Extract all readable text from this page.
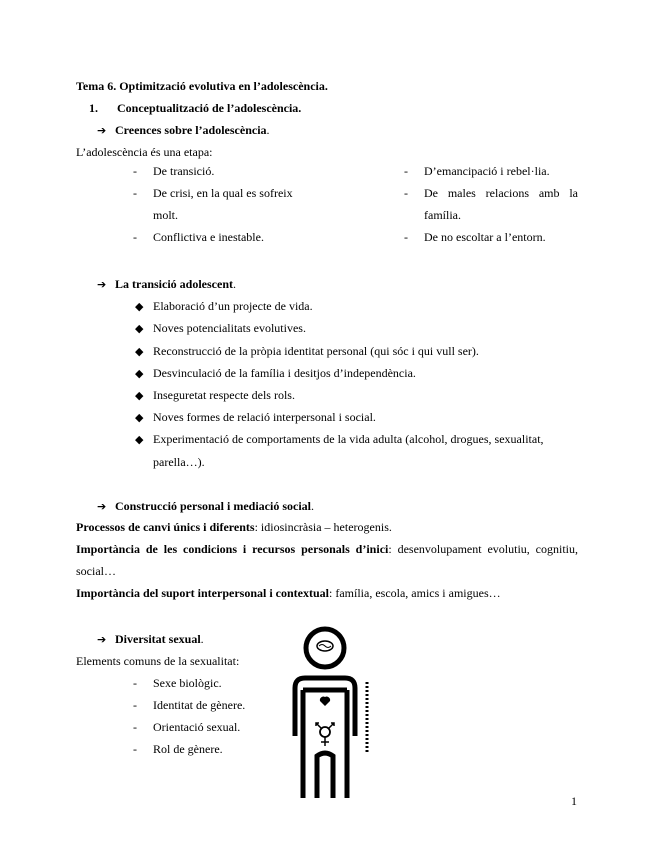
Tema 6. Optimització evolutiva en l’adolescència.
1. Conceptualització de l’adolescència.
➔ Creences sobre l’adolescència.
L’adolescència és una etapa:
-	De transició.
-	De crisi, en la qual es sofreix molt.
-	Conflictiva e inestable.
-	D’emancipació i rebel·lia.
-	De males relacions amb la família.
-	De no escoltar a l’entorn.
➔ La transició adolescent.
◆ Elaboració d’un projecte de vida.
◆ Noves potencialitats evolutives.
◆ Reconstrucció de la pròpia identitat personal (qui sóc i qui vull ser).
◆ Desvinculació de la família i desitjos d’independència.
◆ Inseguretat respecte dels rols.
◆ Noves formes de relació interpersonal i social.
◆ Experimentació de comportaments de la vida adulta (alcohol, drogues, sexualitat,
parella…).
➔ Construcció personal i mediació social.
Processos de canvi únics i diferents: idiosincràsia – heterogenis.
Importància de les condicions i recursos personals d’inici: desenvolupament evolutiu, cognitiu, social…
Importància del suport interpersonal i contextual: família, escola, amics i amigues…
➔ Diversitat sexual.
Elements comuns de la sexualitat:
- Sexe biològic.
- Identitat de gènere.
- Orientació sexual.
- Rol de gènere.
1
